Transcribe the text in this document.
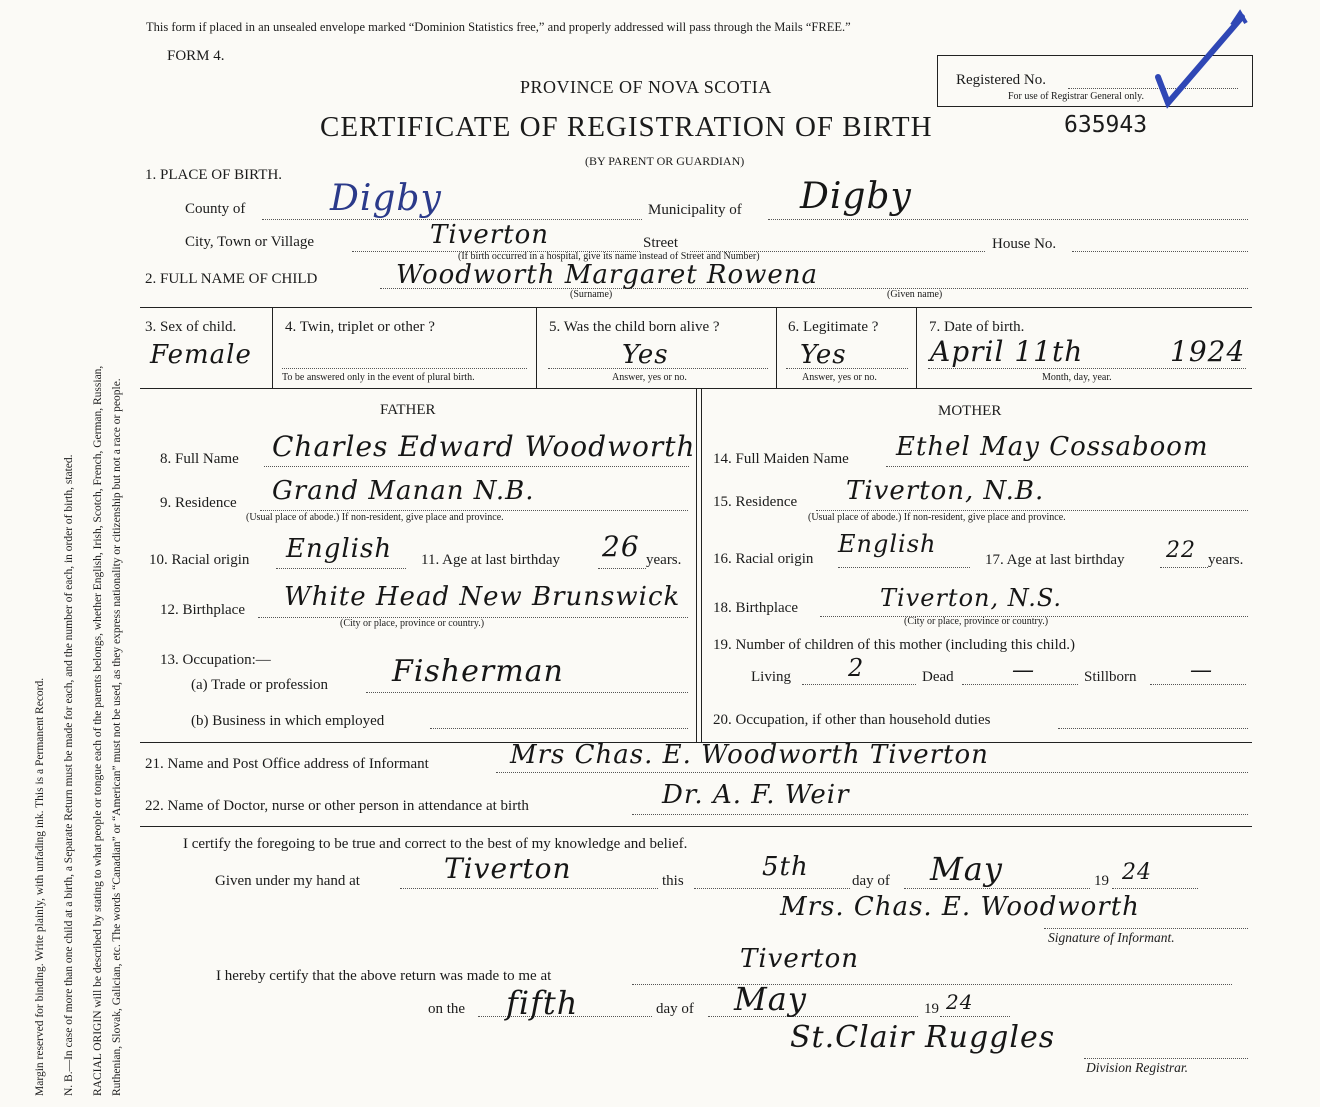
Margin reserved for binding. Write plainly, with unfading ink. This is a Permanent Record. N. B.—In case of more than one child at a birth, a Separate Return must be made for each, and the number of each, in order of birth, stated. RACIAL ORIGIN will be described by stating to what people or tongue each of the parents belongs, whether English, Irish, Scotch, French, German, Russian, Ruthenian, Slovak, Galician, etc. The words “Canadian” or “American” must not be used, as they express nationality or citizenship but not a race or people.
This form if placed in an unsealed envelope marked “Dominion Statistics free,” and properly addressed will pass through the Mails “FREE.”
FORM 4.
PROVINCE OF NOVA SCOTIA
CERTIFICATE OF REGISTRATION OF BIRTH
(BY PARENT OR GUARDIAN)
Registered No.
For use of Registrar General only.
635943
1. PLACE OF BIRTH.
County of Digby	Municipality of Digby
City, Town or Village	Tiverton	Street	House No.
(If birth occurred in a hospital, give its name instead of Street and Number)
2. FULL NAME OF CHILD	Woodworth Margaret Rowena
(Surname)	(Given name)
3. Sex of child.
Female
4. Twin, triplet or other ?
To be answered only in the event of plural birth.
5. Was the child born alive ?
Yes
Answer, yes or no.
6. Legitimate ?
Yes
Answer, yes or no.
7. Date of birth.
April 11th	1924
Month, day, year.
FATHER	MOTHER
8. Full Name Charles Edward Woodworth
9. Residence Grand Manan N.B.
(Usual place of abode.) If non-resident, give place and province.
10. Racial origin English 11. Age at last birthday 26 years.
12. Birthplace White Head New Brunswick
(City or place, province or country.)
13. Occupation:—
(a) Trade or profession Fisherman
(b) Business in which employed
14. Full Maiden Name Ethel May Cossaboom
15. Residence Tiverton, N.B.
(Usual place of abode.) If non-resident, give place and province.
16. Racial origin
English
17. Age at last birthday 22 years.
18. Birthplace	Tiverton, N.S.
(City or place, province or country.)
19. Number of children of this mother (including this child.)
Living 2	Dead	—	Stillborn —
20. Occupation, if other than household duties
21. Name and Post Office address of Informant	Mrs Chas. E. Woodworth Tiverton
22. Name of Doctor, nurse or other person in attendance at birth	Dr. A. F. Weir
I certify the foregoing to be true and correct to the best of my knowledge and belief.
Given under my hand at	Tiverton	this	5th	day of May	19 24
Mrs. Chas. E. Woodworth
Signature of Informant.
I hereby certify that the above return was made to me at
Tiverton
on the fifth	day of May	19 24
St.Clair Ruggles
Division Registrar.
